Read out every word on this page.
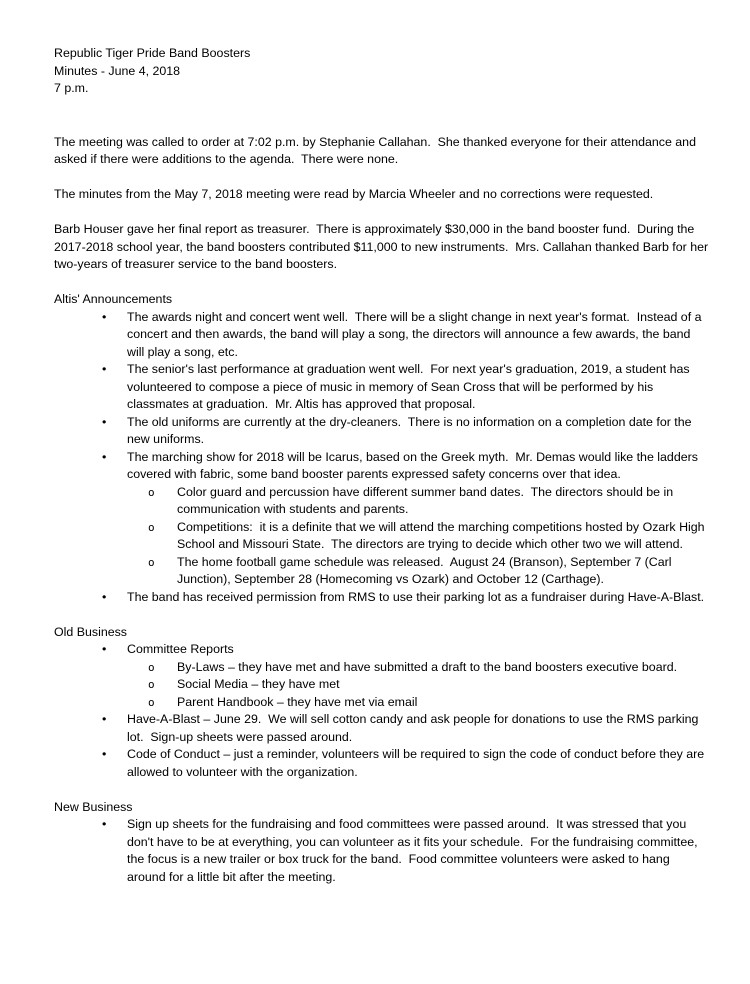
Republic Tiger Pride Band Boosters
Minutes - June 4, 2018
7 p.m.

The meeting was called to order at 7:02 p.m. by Stephanie Callahan.  She thanked everyone for their attendance and asked if there were additions to the agenda.  There were none.

The minutes from the May 7, 2018 meeting were read by Marcia Wheeler and no corrections were requested.

Barb Houser gave her final report as treasurer.  There is approximately $30,000 in the band booster fund.  During the 2017-2018 school year, the band boosters contributed $11,000 to new instruments.  Mrs. Callahan thanked Barb for her two-years of treasurer service to the band boosters.

Altis' Announcements
• The awards night and concert went well.  There will be a slight change in next year's format.  Instead of a concert and then awards, the band will play a song, the directors will announce a few awards, the band will play a song, etc.
• The senior's last performance at graduation went well.  For next year's graduation, 2019, a student has volunteered to compose a piece of music in memory of Sean Cross that will be performed by his classmates at graduation.  Mr. Altis has approved that proposal.
• The old uniforms are currently at the dry-cleaners.  There is no information on a completion date for the new uniforms.
• The marching show for 2018 will be Icarus, based on the Greek myth.  Mr. Demas would like the ladders covered with fabric, some band booster parents expressed safety concerns over that idea.
o Color guard and percussion have different summer band dates.  The directors should be in communication with students and parents.
o Competitions:  it is a definite that we will attend the marching competitions hosted by Ozark High School and Missouri State.  The directors are trying to decide which other two we will attend.
o The home football game schedule was released.  August 24 (Branson), September 7 (Carl Junction), September 28 (Homecoming vs Ozark) and October 12 (Carthage).
• The band has received permission from RMS to use their parking lot as a fundraiser during Have-A-Blast.
Old Business
• Committee Reports
o By-Laws – they have met and have submitted a draft to the band boosters executive board.
o Social Media – they have met
o Parent Handbook – they have met via email
• Have-A-Blast – June 29.  We will sell cotton candy and ask people for donations to use the RMS parking lot.  Sign-up sheets were passed around.
• Code of Conduct – just a reminder, volunteers will be required to sign the code of conduct before they are allowed to volunteer with the organization.
New Business
• Sign up sheets for the fundraising and food committees were passed around.  It was stressed that you don't have to be at everything, you can volunteer as it fits your schedule.  For the fundraising committee, the focus is a new trailer or box truck for the band.  Food committee volunteers were asked to hang around for a little bit after the meeting.
